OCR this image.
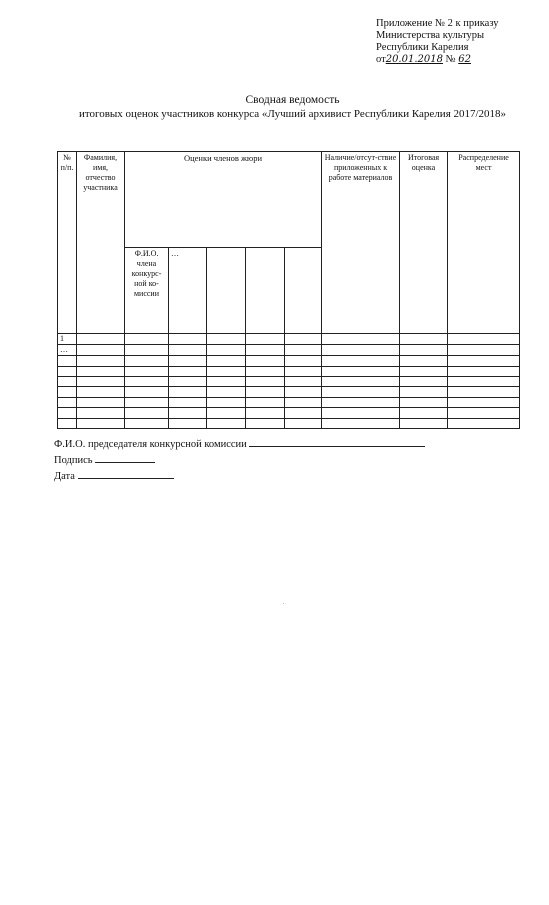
Приложение № 2 к приказу
Министерства культуры
Республики Карелия
от20.01.2018 № 62
Сводная ведомость
итоговых оценок участников конкурса «Лучший архивист Республики Карелия 2017/2018»
№ п/п.	Фамилия, имя, отчество участника	Оценки членов жюри					Наличие/отсут-ствие приложенных к работе материалов	Итоговая оценка	Распределение мест
		Ф.И.О. члена конкурс-ной ко-миссии	…						
1									
…									

Ф.И.О. председателя конкурсной комиссии
Подпись
Дата
